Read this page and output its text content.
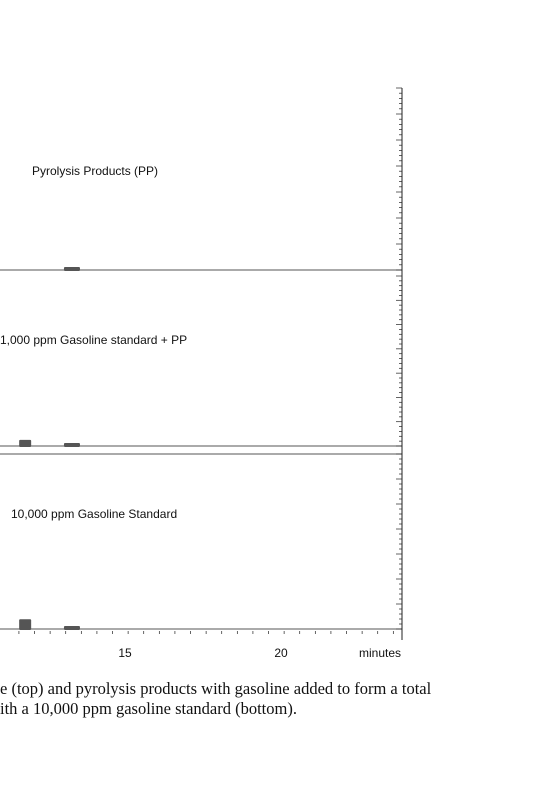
Pyrolysis Products (PP)
1,000 ppm Gasoline standard + PP
10,000 ppm Gasoline Standard
15	20	minutes
e (top) and pyrolysis products with gasoline added to form a total
ith a 10,000 ppm gasoline standard (bottom).
